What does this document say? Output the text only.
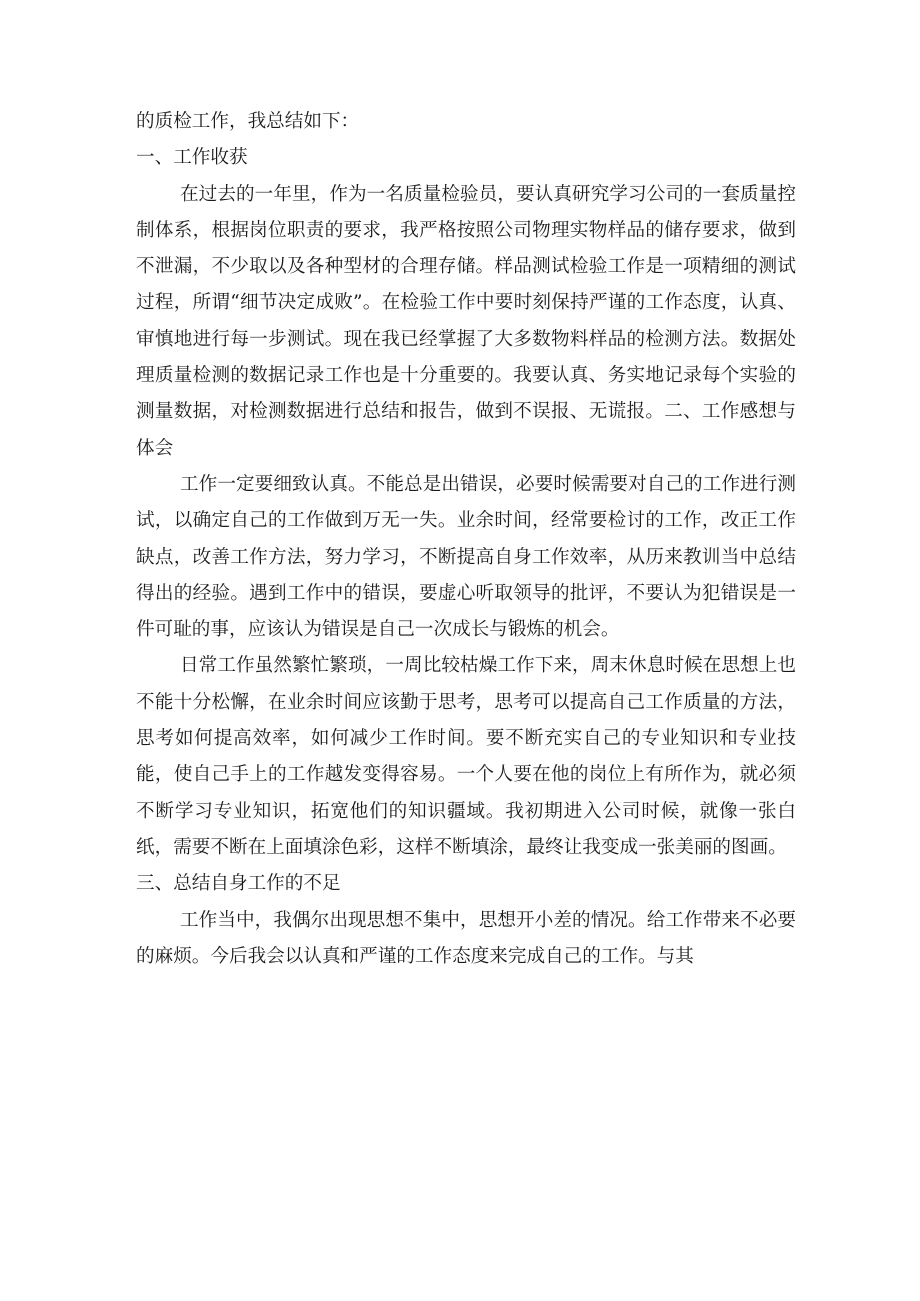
的质检工作，我总结如下：

一、工作收获

在过去的一年里，作为一名质量检验员，要认真研究学习公司的一套质量控制体系，根据岗位职责的要求，我严格按照公司物理实物样品的储存要求，做到不泄漏，不少取以及各种型材的合理存储。样品测试检验工作是一项精细的测试过程，所谓“细节决定成败”。在检验工作中要时刻保持严谨的工作态度，认真、审慎地进行每一步测试。现在我已经掌握了大多数物料样品的检测方法。数据处理质量检测的数据记录工作也是十分重要的。我要认真、务实地记录每个实验的测量数据，对检测数据进行总结和报告，做到不误报、无谎报。二、工作感想与体会

工作一定要细致认真。不能总是出错误，必要时候需要对自己的工作进行测试，以确定自己的工作做到万无一失。业余时间，经常要检讨的工作，改正工作缺点，改善工作方法，努力学习，不断提高自身工作效率，从历来教训当中总结得出的经验。遇到工作中的错误，要虚心听取领导的批评，不要认为犯错误是一件可耻的事，应该认为错误是自己一次成长与锻炼的机会。

日常工作虽然繁忙繁琐，一周比较枯燥工作下来，周末休息时候在思想上也不能十分松懈，在业余时间应该勤于思考，思考可以提高自己工作质量的方法，思考如何提高效率，如何减少工作时间。要不断充实自己的专业知识和专业技能，使自己手上的工作越发变得容易。一个人要在他的岗位上有所作为，就必须不断学习专业知识，拓宽他们的知识疆域。我初期进入公司时候，就像一张白纸，需要不断在上面填涂色彩，这样不断填涂，最终让我变成一张美丽的图画。

三、总结自身工作的不足

工作当中，我偶尔出现思想不集中，思想开小差的情况。给工作带来不必要的麻烦。今后我会以认真和严谨的工作态度来完成自己的工作。与其
